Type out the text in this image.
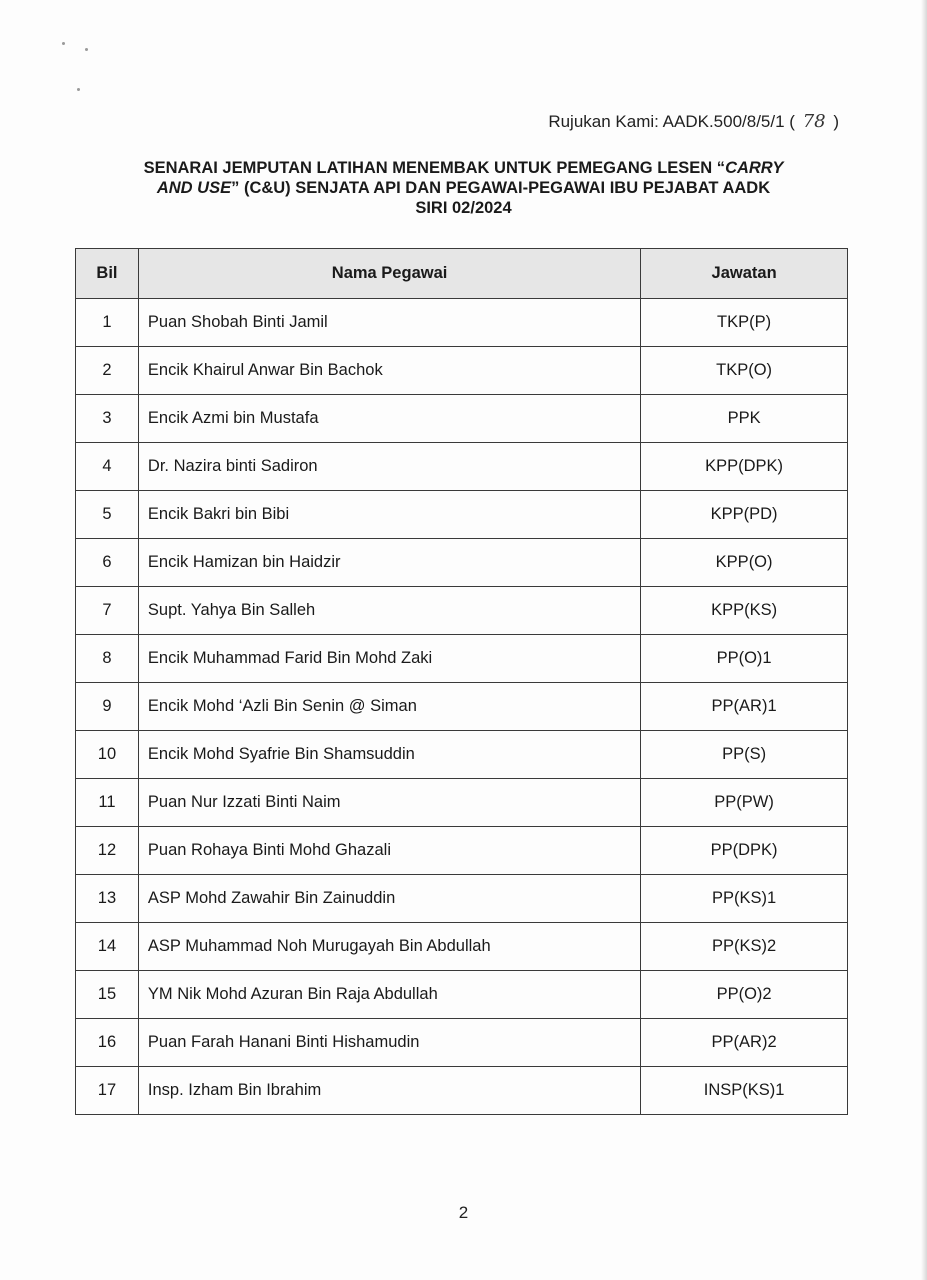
Rujukan Kami: AADK.500/8/5/1 ( 78 )
SENARAI JEMPUTAN LATIHAN MENEMBAK UNTUK PEMEGANG LESEN “CARRY
AND USE” (C&U) SENJATA API DAN PEGAWAI-PEGAWAI IBU PEJABAT AADK
SIRI 02/2024
Bil	Nama Pegawai	Jawatan
1	Puan Shobah Binti Jamil	TKP(P)
2	Encik Khairul Anwar Bin Bachok	TKP(O)
3	Encik Azmi bin Mustafa	PPK
4	Dr. Nazira binti Sadiron	KPP(DPK)
5	Encik Bakri bin Bibi	KPP(PD)
6	Encik Hamizan bin Haidzir	KPP(O)
7	Supt. Yahya Bin Salleh	KPP(KS)
8	Encik Muhammad Farid Bin Mohd Zaki	PP(O)1
9	Encik Mohd ‘Azli Bin Senin @ Siman	PP(AR)1
10	Encik Mohd Syafrie Bin Shamsuddin	PP(S)
11	Puan Nur Izzati Binti Naim	PP(PW)
12	Puan Rohaya Binti Mohd Ghazali	PP(DPK)
13	ASP Mohd Zawahir Bin Zainuddin	PP(KS)1
14	ASP Muhammad Noh Murugayah Bin Abdullah	PP(KS)2
15	YM Nik Mohd Azuran Bin Raja Abdullah	PP(O)2
16	Puan Farah Hanani Binti Hishamudin	PP(AR)2
17	Insp. Izham Bin Ibrahim	INSP(KS)1
2
